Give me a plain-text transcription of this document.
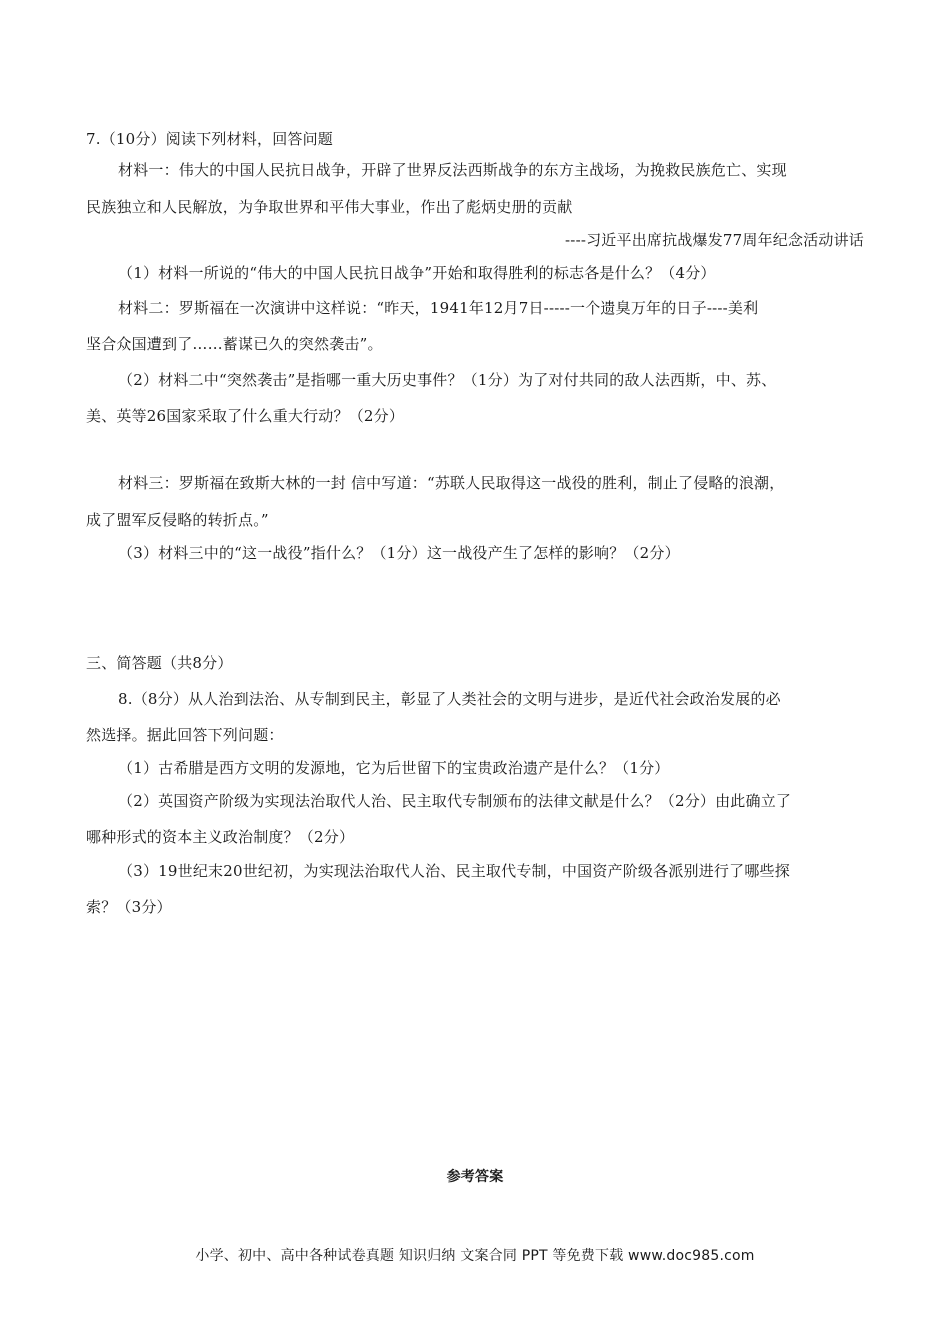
7.（10分）阅读下列材料，回答问题
材料一：伟大的中国人民抗日战争，开辟了世界反法西斯战争的东方主战场，为挽救民族危亡、实现
民族独立和人民解放，为争取世界和平伟大事业，作出了彪炳史册的贡献
----习近平出席抗战爆发77周年纪念活动讲话
（1）材料一所说的“伟大的中国人民抗日战争”开始和取得胜利的标志各是什么？（4分）
材料二：罗斯福在一次演讲中这样说：“昨天，1941年12月7日-----一个遗臭万年的日子----美利
坚合众国遭到了……蓄谋已久的突然袭击”。
（2）材料二中“突然袭击”是指哪一重大历史事件？（1分）为了对付共同的敌人法西斯，中、苏、
美、英等26国家采取了什么重大行动？（2分）
材料三：罗斯福在致斯大林的一封 信中写道：“苏联人民取得这一战役的胜利，制止了侵略的浪潮，
成了盟军反侵略的转折点。”
（3）材料三中的“这一战役”指什么？（1分）这一战役产生了怎样的影响？（2分）
三、简答题（共8分）
8.（8分）从人治到法治、从专制到民主，彰显了人类社会的文明与进步，是近代社会政治发展的必
然选择。据此回答下列问题：
（1）古希腊是西方文明的发源地，它为后世留下的宝贵政治遗产是什么？（1分）
（2）英国资产阶级为实现法治取代人治、民主取代专制颁布的法律文献是什么？（2分）由此确立了
哪种形式的资本主义政治制度？（2分）
（3）19世纪末20世纪初，为实现法治取代人治、民主取代专制，中国资产阶级各派别进行了哪些探
索？（3分）
参考答案
小学、初中、高中各种试卷真题 知识归纳 文案合同 PPT 等免费下载 www.doc985.com
